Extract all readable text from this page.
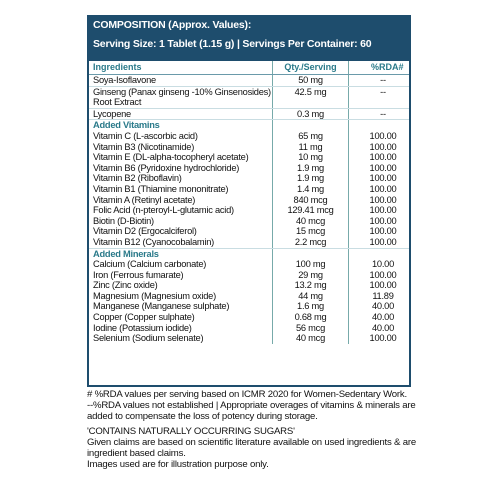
COMPOSITION (Approx. Values):
Serving Size: 1 Tablet (1.15 g) | Servings Per Container: 60
Ingredients	Qty./Serving	%RDA#
Soya-Isoflavone	50 mg	--
Ginseng (Panax ginseng -10% Ginsenosides)	42.5 mg	--
Root Extract
Lycopene	0.3 mg	--
Added Vitamins
Vitamin C (L-ascorbic acid)	65 mg	100.00
Vitamin B3 (Nicotinamide)	11 mg	100.00
Vitamin E (DL-alpha-tocopheryl acetate)	10 mg	100.00
Vitamin B6 (Pyridoxine hydrochloride)	1.9 mg	100.00
Vitamin B2 (Riboflavin)	1.9 mg	100.00
Vitamin B1 (Thiamine mononitrate)	1.4 mg	100.00
Vitamin A (Retinyl acetate)	840 mcg	100.00
Folic Acid (n-pteroyl-L-glutamic acid)	129.41 mcg	100.00
Biotin (D-Biotin)	40 mcg	100.00
Vitamin D2 (Ergocalciferol)	15 mcg	100.00
Vitamin B12 (Cyanocobalamin)	2.2 mcg	100.00
Added Minerals
Calcium (Calcium carbonate)	100 mg	10.00
Iron (Ferrous fumarate)	29 mg	100.00
Zinc (Zinc oxide)	13.2 mg	100.00
Magnesium (Magnesium oxide)	44 mg	11.89
Manganese (Manganese sulphate)	1.6 mg	40.00
Copper (Copper sulphate)	0.68 mg	40.00
Iodine (Potassium iodide)	56 mcg	40.00
Selenium (Sodium selenate)	40 mcg	100.00

# %RDA values per serving based on ICMR 2020 for Women-Sedentary Work.

--%RDA values not established | Appropriate overages of vitamins & minerals are added to compensate the loss of potency during storage.

'CONTAINS NATURALLY OCCURRING SUGARS'

Given claims are based on scientific literature available on used ingredients & are ingredient based claims.

Images used are for illustration purpose only.
